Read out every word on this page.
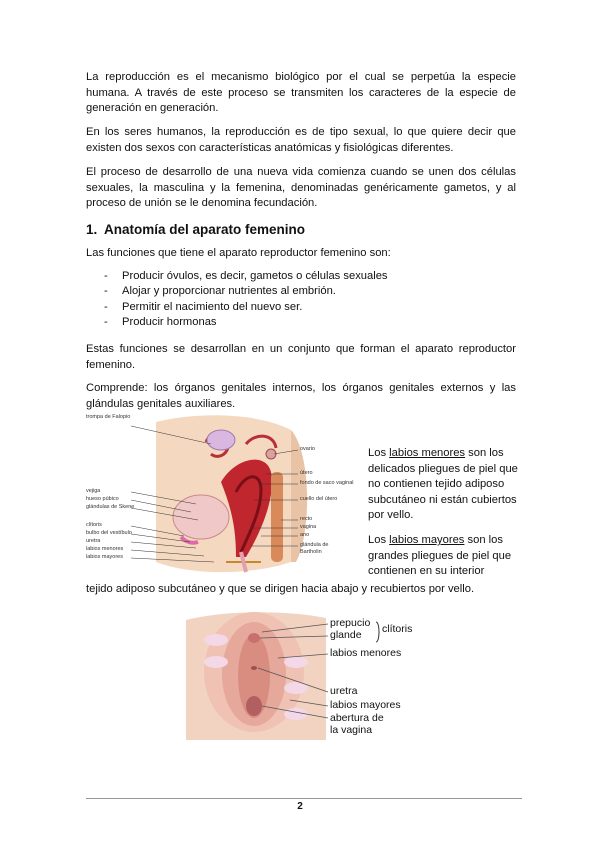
La reproducción es el mecanismo biológico por el cual se perpetúa la especie humana. A través de este proceso se transmiten los caracteres de la especie de generación en generación.

En los seres humanos, la reproducción es de tipo sexual, lo que quiere decir que existen dos sexos con características anatómicas y fisiológicas diferentes.

El proceso de desarrollo de una nueva vida comienza cuando se unen dos células sexuales, la masculina y la femenina, denominadas genéricamente gametos, y al proceso de unión se le denomina fecundación.

1. Anatomía del aparato femenino

Las funciones que tiene el aparato reproductor femenino son:

- Producir óvulos, es decir, gametos o células sexuales
- Alojar y proporcionar nutrientes al embrión.
- Permitir el nacimiento del nuevo ser.
- Producir hormonas

Estas funciones se desarrollan en un conjunto que forman el aparato reproductor femenino.

Comprende: los órganos genitales internos, los órganos genitales externos y las glándulas genitales auxiliares.

trompa de Falopio
vejiga
hueso púbico
glándulas de Skene
clítoris
bulbo del vestíbulo
uretra
labios menores
labios mayores
ovario
útero
fondo de saco vaginal
cuello del útero
recto
vagina
ano
glándula de Bartholin

Los labios menores son los delicados pliegues de piel que no contienen tejido adiposo subcutáneo ni están cubiertos por vello.

Los labios mayores son los grandes pliegues de piel que contienen en su interior

tejido adiposo subcutáneo y que se dirigen hacia abajo y recubiertos por vello.

prepucio
glande clítoris
labios menores
uretra
labios mayores
abertura de
la vagina
2
